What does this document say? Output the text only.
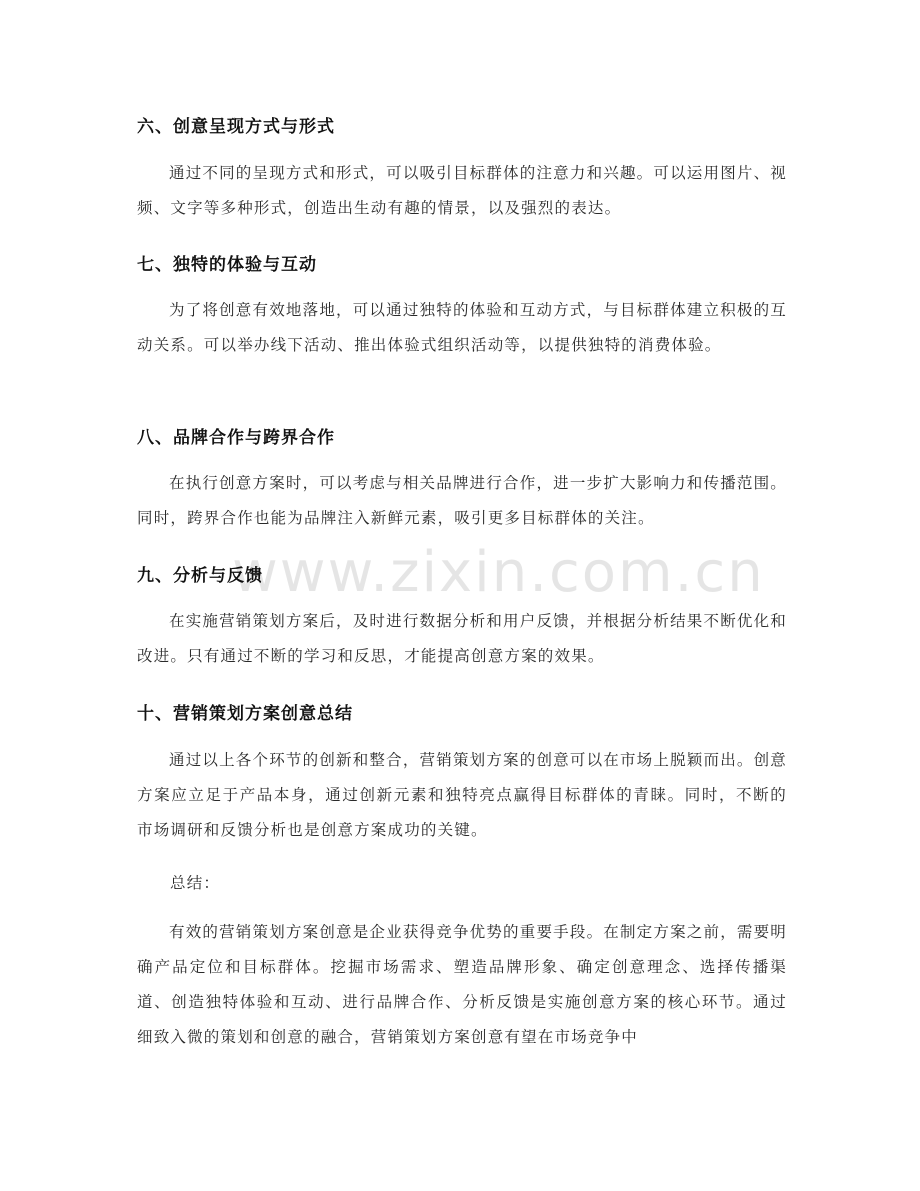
六、创意呈现方式与形式
通过不同的呈现方式和形式，可以吸引目标群体的注意力和兴趣。可以运用图片、视频、文字等多种形式，创造出生动有趣的情景，以及强烈的表达。
七、独特的体验与互动
为了将创意有效地落地，可以通过独特的体验和互动方式，与目标群体建立积极的互动关系。可以举办线下活动、推出体验式组织活动等，以提供独特的消费体验。
八、品牌合作与跨界合作
在执行创意方案时，可以考虑与相关品牌进行合作，进一步扩大影响力和传播范围。同时，跨界合作也能为品牌注入新鲜元素，吸引更多目标群体的关注。
九、分析与反馈
在实施营销策划方案后，及时进行数据分析和用户反馈，并根据分析结果不断优化和改进。只有通过不断的学习和反思，才能提高创意方案的效果。
十、营销策划方案创意总结
通过以上各个环节的创新和整合，营销策划方案的创意可以在市场上脱颖而出。创意方案应立足于产品本身，通过创新元素和独特亮点赢得目标群体的青睐。同时，不断的市场调研和反馈分析也是创意方案成功的关键。
总结：
有效的营销策划方案创意是企业获得竞争优势的重要手段。在制定方案之前，需要明确产品定位和目标群体。挖掘市场需求、塑造品牌形象、确定创意理念、选择传播渠道、创造独特体验和互动、进行品牌合作、分析反馈是实施创意方案的核心环节。通过细致入微的策划和创意的融合，营销策划方案创意有望在市场竞争中
www.zixin.com.cn
